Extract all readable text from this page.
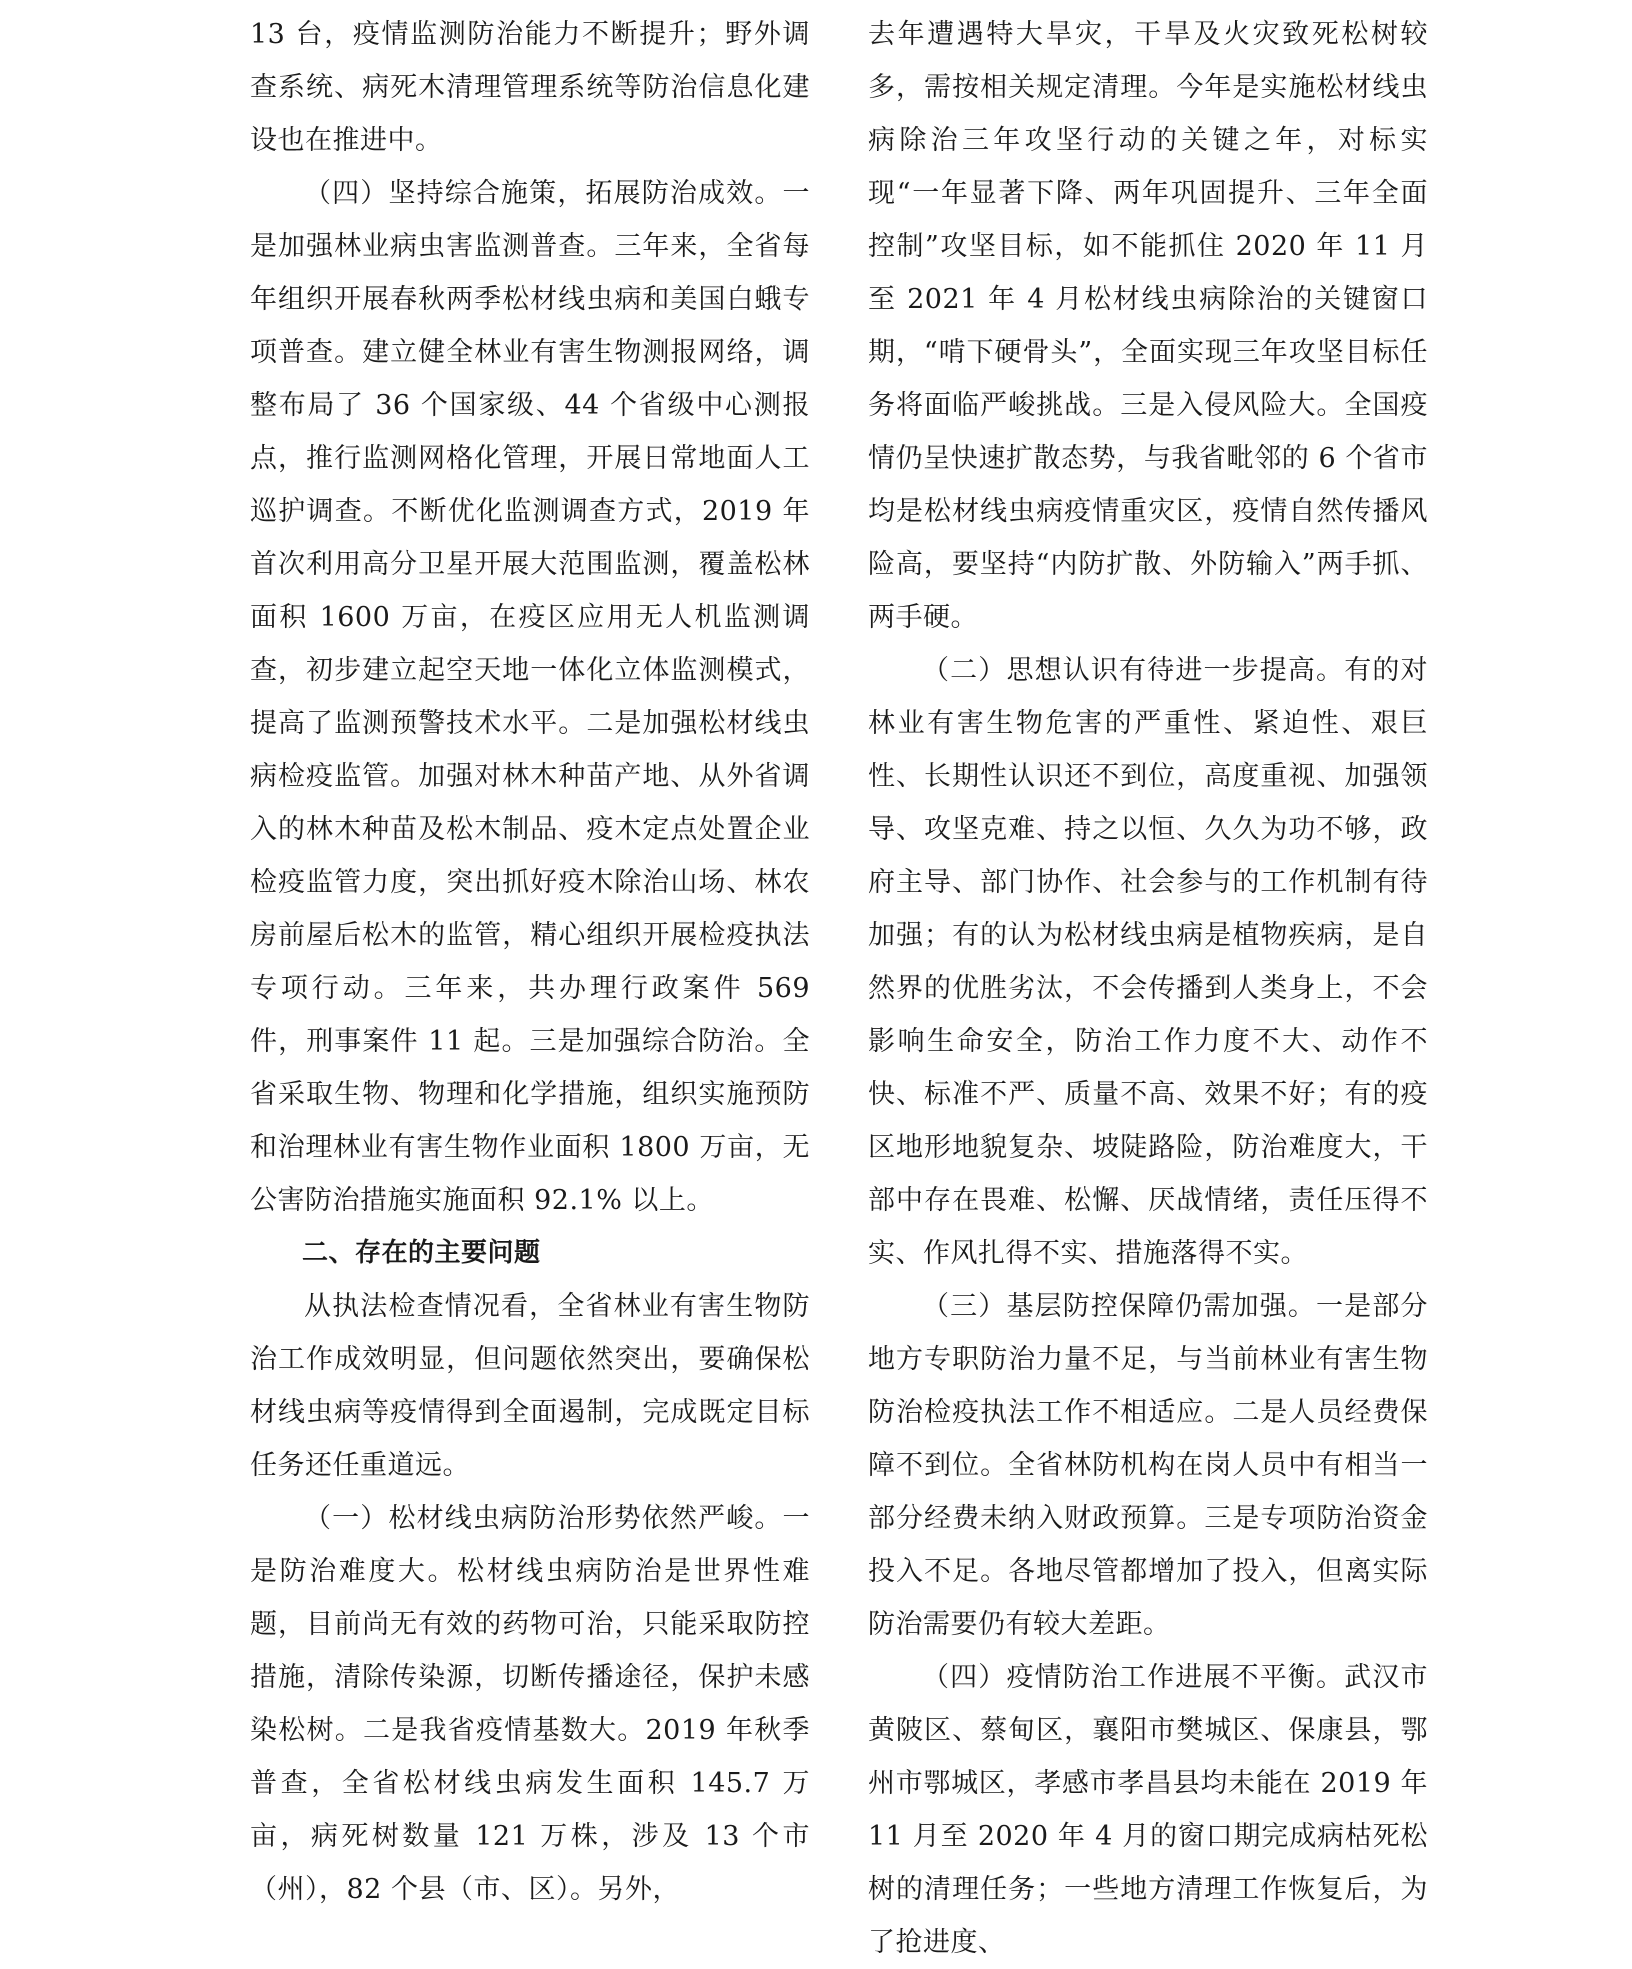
13 台，疫情监测防治能力不断提升；野外调查系统、病死木清理管理系统等防治信息化建设也在推进中。

（四）坚持综合施策，拓展防治成效。一是加强林业病虫害监测普查。三年来，全省每年组织开展春秋两季松材线虫病和美国白蛾专项普查。建立健全林业有害生物测报网络，调整布局了 36 个国家级、44 个省级中心测报点，推行监测网格化管理，开展日常地面人工巡护调查。不断优化监测调查方式，2019 年首次利用高分卫星开展大范围监测，覆盖松林面积 1600 万亩，在疫区应用无人机监测调查，初步建立起空天地一体化立体监测模式，提高了监测预警技术水平。二是加强松材线虫病检疫监管。加强对林木种苗产地、从外省调入的林木种苗及松木制品、疫木定点处置企业检疫监管力度，突出抓好疫木除治山场、林农房前屋后松木的监管，精心组织开展检疫执法专项行动。三年来，共办理行政案件 569 件，刑事案件 11 起。三是加强综合防治。全省采取生物、物理和化学措施，组织实施预防和治理林业有害生物作业面积 1800 万亩，无公害防治措施实施面积 92.1% 以上。

二、存在的主要问题

从执法检查情况看，全省林业有害生物防治工作成效明显，但问题依然突出，要确保松材线虫病等疫情得到全面遏制，完成既定目标任务还任重道远。

（一）松材线虫病防治形势依然严峻。一是防治难度大。松材线虫病防治是世界性难题，目前尚无有效的药物可治，只能采取防控措施，清除传染源，切断传播途径，保护未感染松树。二是我省疫情基数大。2019 年秋季普查，全省松材线虫病发生面积 145.7 万亩，病死树数量 121 万株，涉及 13 个市（州），82 个县（市、区）。另外，

去年遭遇特大旱灾，干旱及火灾致死松树较多，需按相关规定清理。今年是实施松材线虫病除治三年攻坚行动的关键之年，对标实现“一年显著下降、两年巩固提升、三年全面控制”攻坚目标，如不能抓住 2020 年 11 月至 2021 年 4 月松材线虫病除治的关键窗口期，“啃下硬骨头”，全面实现三年攻坚目标任务将面临严峻挑战。三是入侵风险大。全国疫情仍呈快速扩散态势，与我省毗邻的 6 个省市均是松材线虫病疫情重灾区，疫情自然传播风险高，要坚持“内防扩散、外防输入”两手抓、两手硬。

（二）思想认识有待进一步提高。有的对林业有害生物危害的严重性、紧迫性、艰巨性、长期性认识还不到位，高度重视、加强领导、攻坚克难、持之以恒、久久为功不够，政府主导、部门协作、社会参与的工作机制有待加强；有的认为松材线虫病是植物疾病，是自然界的优胜劣汰，不会传播到人类身上，不会影响生命安全，防治工作力度不大、动作不快、标准不严、质量不高、效果不好；有的疫区地形地貌复杂、坡陡路险，防治难度大，干部中存在畏难、松懈、厌战情绪，责任压得不实、作风扎得不实、措施落得不实。

（三）基层防控保障仍需加强。一是部分地方专职防治力量不足，与当前林业有害生物防治检疫执法工作不相适应。二是人员经费保障不到位。全省林防机构在岗人员中有相当一部分经费未纳入财政预算。三是专项防治资金投入不足。各地尽管都增加了投入，但离实际防治需要仍有较大差距。

（四）疫情防治工作进展不平衡。武汉市黄陂区、蔡甸区，襄阳市樊城区、保康县，鄂州市鄂城区，孝感市孝昌县均未能在 2019 年 11 月至 2020 年 4 月的窗口期完成病枯死松树的清理任务；一些地方清理工作恢复后，为了抢进度、
